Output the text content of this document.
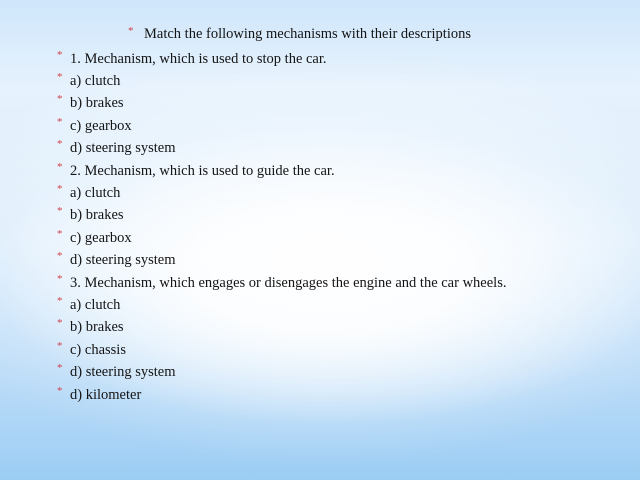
* Match the following mechanisms with their descriptions
* 1. Mechanism, which is used to stop the car.
* a) clutch
* b) brakes
* c) gearbox
* d) steering system
* 2. Mechanism, which is used to guide the car.
* a) clutch
* b) brakes
* c) gearbox
* d) steering system
* 3. Mechanism, which engages or disengages the engine and the car wheels.
* a) clutch
* b) brakes
* c) chassis
* d) steering system
* d) kilometer
